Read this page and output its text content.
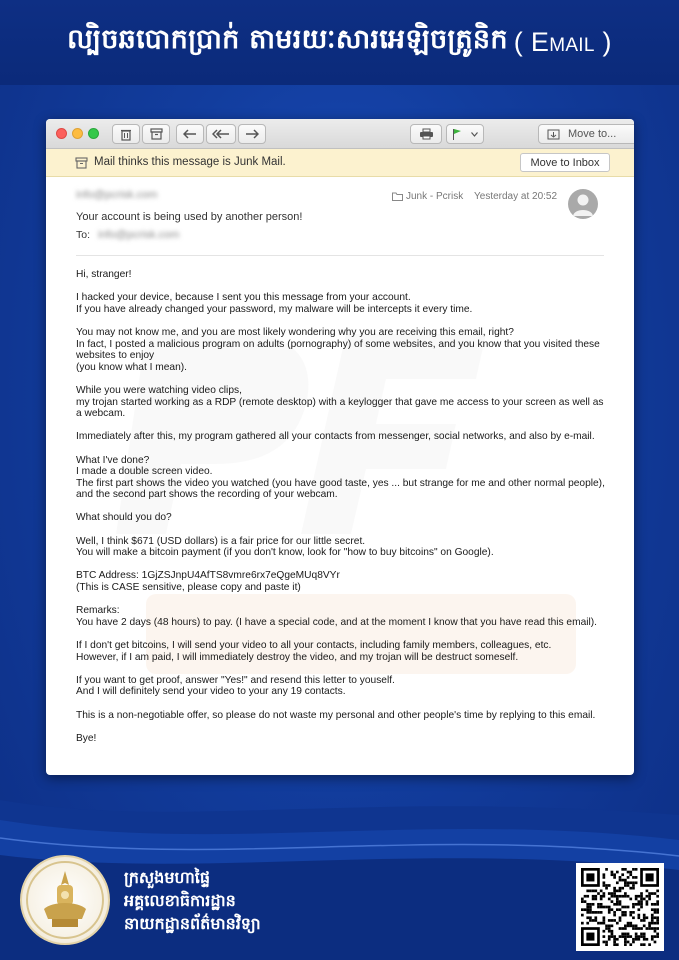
ល្បិចឆបោកប្រាក់ តាមរយៈសារអេឡិចត្រូនិក ( Email )
Move to...
Mail thinks this message is Junk Mail.	Move to Inbox
info@pcrisk.com
Your account is being used by another person!
To: info@pcrisk.com
Junk - Pcrisk Yesterday at 20:52

Hi, stranger!

I hacked your device, because I sent you this message from your account.
If you have already changed your password, my malware will be intercepts it every time.

You may not know me, and you are most likely wondering why you are receiving this email, right?
In fact, I posted a malicious program on adults (pornography) of some websites, and you know that you visited these websites to enjoy
(you know what I mean).

While you were watching video clips,
my trojan started working as a RDP (remote desktop) with a keylogger that gave me access to your screen as well as a webcam.

Immediately after this, my program gathered all your contacts from messenger, social networks, and also by e-mail.

What I've done?
I made a double screen video.
The first part shows the video you watched (you have good taste, yes ... but strange for me and other normal people),
and the second part shows the recording of your webcam.

What should you do?

Well, I think $671 (USD dollars) is a fair price for our little secret.
You will make a bitcoin payment (if you don't know, look for "how to buy bitcoins" on Google).

BTC Address: 1GjZSJnpU4AfTS8vmre6rx7eQgeMUq8VYr
(This is CASE sensitive, please copy and paste it)

Remarks:
You have 2 days (48 hours) to pay. (I have a special code, and at the moment I know that you have read this email).

If I don't get bitcoins, I will send your video to all your contacts, including family members, colleagues, etc.
However, if I am paid, I will immediately destroy the video, and my trojan will be destruct someself.

If you want to get proof, answer "Yes!" and resend this letter to youself.
And I will definitely send your video to your any 19 contacts.

This is a non-negotiable offer, so please do not waste my personal and other people's time by replying to this email.

Bye!

ក្រសួងមហាផ្ទៃ
អគ្គលេខាធិការដ្ឋាន
នាយកដ្ឋានព័ត៌មានវិទ្យា
